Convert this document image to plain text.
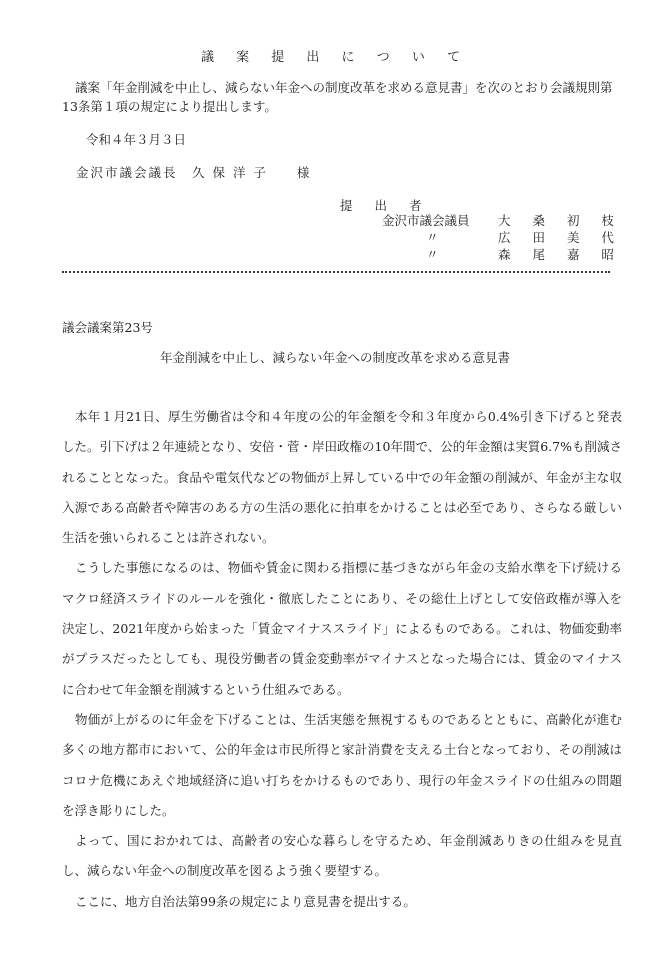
議 案 提 出 に つ い て
議案「年金削減を中止し、減らない年金への制度改革を求める意見書」を次のとおり会議規則第13条第１項の規定により提出します。
令和４年３月３日
金沢市議会議長　久 保 洋 子　　様
提 出 者
金沢市議会議員	大 桑 初 枝
〃	広 田 美 代
〃	森 尾 嘉 昭
議会議案第23号
年金削減を中止し、減らない年金への制度改革を求める意見書

本年１月21日、厚生労働省は令和４年度の公的年金額を令和３年度から0.4%引き下げると発表した。引下げは２年連続となり、安倍・菅・岸田政権の10年間で、公的年金額は実質6.7%も削減されることとなった。食品や電気代などの物価が上昇している中での年金額の削減が、年金が主な収入源である高齢者や障害のある方の生活の悪化に拍車をかけることは必至であり、さらなる厳しい生活を強いられることは許されない。

こうした事態になるのは、物価や賃金に関わる指標に基づきながら年金の支給水準を下げ続けるマクロ経済スライドのルールを強化・徹底したことにあり、その総仕上げとして安倍政権が導入を決定し、2021年度から始まった「賃金マイナススライド」によるものである。これは、物価変動率がプラスだったとしても、現役労働者の賃金変動率がマイナスとなった場合には、賃金のマイナスに合わせて年金額を削減するという仕組みである。

物価が上がるのに年金を下げることは、生活実態を無視するものであるとともに、高齢化が進む多くの地方都市において、公的年金は市民所得と家計消費を支える土台となっており、その削減はコロナ危機にあえぐ地域経済に追い打ちをかけるものであり、現行の年金スライドの仕組みの問題を浮き彫りにした。

よって、国におかれては、高齢者の安心な暮らしを守るため、年金削減ありきの仕組みを見直し、減らない年金への制度改革を図るよう強く要望する。

ここに、地方自治法第99条の規定により意見書を提出する。
